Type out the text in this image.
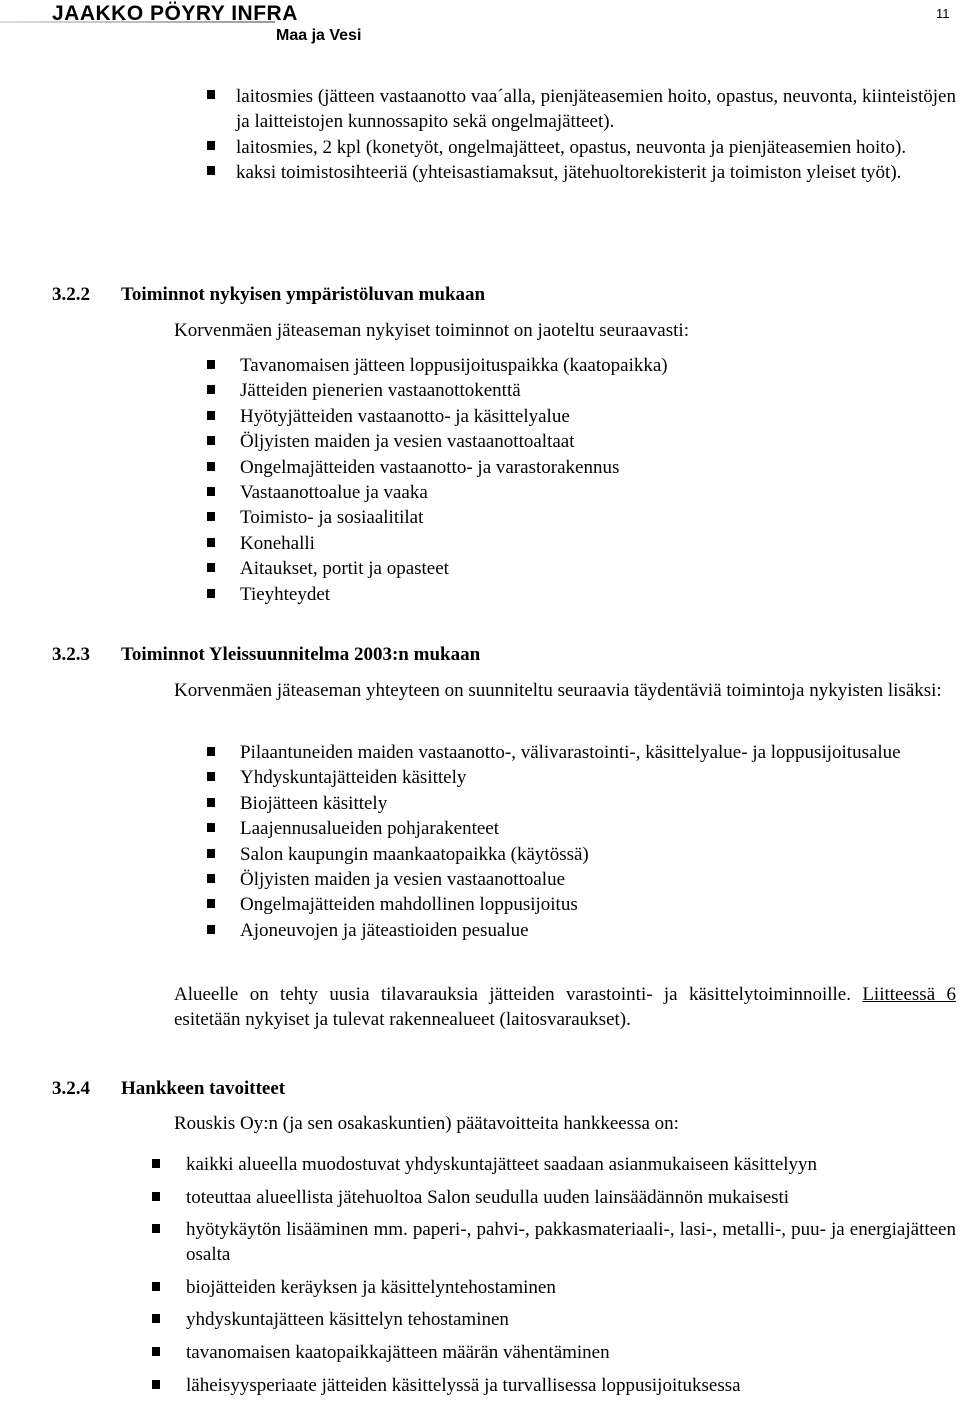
JAAKKO PÖYRY INFRA

Maa ja Vesi

11
laitosmies (jätteen vastaanotto vaa´alla, pienjäteasemien hoito, opastus, neuvonta, kiinteistöjen ja laitteistojen kunnossapito sekä ongelmajätteet).
laitosmies, 2 kpl (konetyöt, ongelmajätteet, opastus, neuvonta ja pienjäteasemien hoito).
kaksi toimistosihteeriä (yhteisastiamaksut, jätehuoltorekisterit ja toimiston yleiset työt).
3.2.2 Toiminnot nykyisen ympäristöluvan mukaan

Korvenmäen jäteaseman nykyiset toiminnot on jaoteltu seuraavasti:

Tavanomaisen jätteen loppusijoituspaikka (kaatopaikka)
Jätteiden pienerien vastaanottokenttä
Hyötyjätteiden vastaanotto- ja käsittelyalue
Öljyisten maiden ja vesien vastaanottoaltaat
Ongelmajätteiden vastaanotto- ja varastorakennus
Vastaanottoalue ja vaaka
Toimisto- ja sosiaalitilat
Konehalli
Aitaukset, portit ja opasteet
Tieyhteydet
3.2.3 Toiminnot Yleissuunnitelma 2003:n mukaan

Korvenmäen jäteaseman yhteyteen on suunniteltu seuraavia täydentäviä toimintoja nykyisten lisäksi:

Pilaantuneiden maiden vastaanotto-, välivarastointi-, käsittelyalue- ja loppusijoitusalue
Yhdyskuntajätteiden käsittely
Biojätteen käsittely
Laajennusalueiden pohjarakenteet
Salon kaupungin maankaatopaikka (käytössä)
Öljyisten maiden ja vesien vastaanottoalue
Ongelmajätteiden mahdollinen loppusijoitus
Ajoneuvojen ja jäteastioiden pesualue

Alueelle on tehty uusia tilavarauksia jätteiden varastointi- ja käsittelytoiminnoille. Liitteessä 6 esitetään nykyiset ja tulevat rakennealueet (laitosvaraukset).

3.2.4 Hankkeen tavoitteet

Rouskis Oy:n (ja sen osakaskuntien) päätavoitteita hankkeessa on:

kaikki alueella muodostuvat yhdyskuntajätteet saadaan asianmukaiseen käsittelyyn
toteuttaa alueellista jätehuoltoa Salon seudulla uuden lainsäädännön mukaisesti
hyötykäytön lisääminen mm. paperi-, pahvi-, pakkasmateriaali-, lasi-, metalli-, puu- ja energiajätteen osalta
biojätteiden keräyksen ja käsittelyntehostaminen
yhdyskuntajätteen käsittelyn tehostaminen
tavanomaisen kaatopaikkajätteen määrän vähentäminen
läheisyysperiaate jätteiden käsittelyssä ja turvallisessa loppusijoituksessa
